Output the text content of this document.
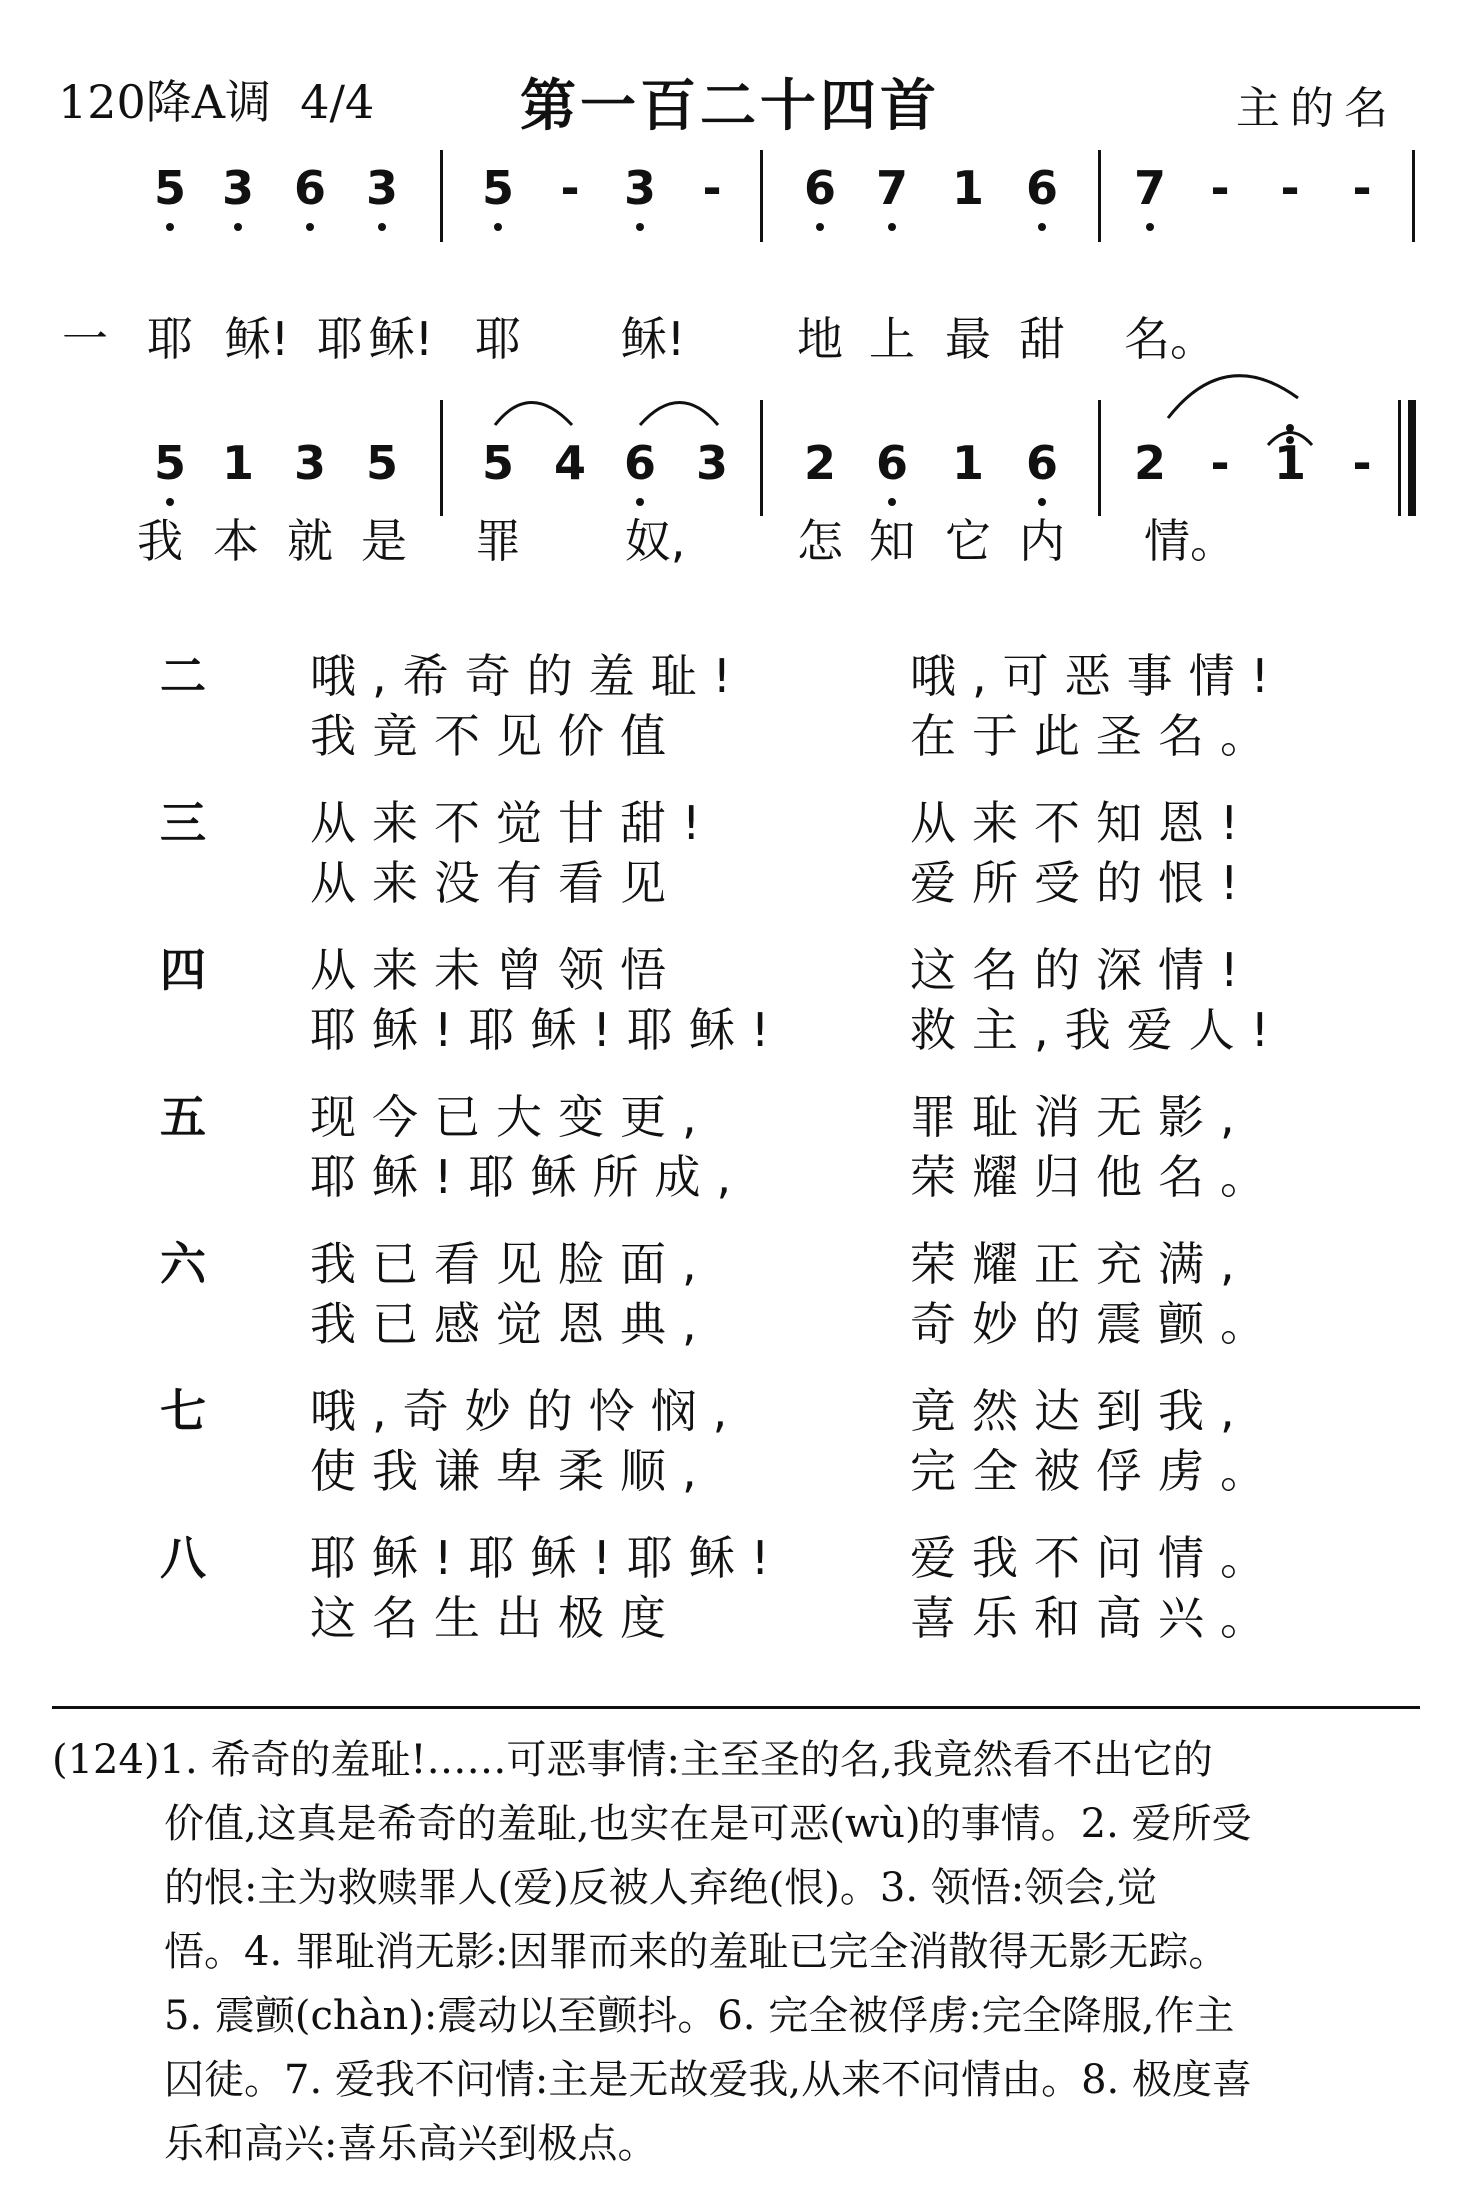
120降A调  4/4	第一百二十四首	主的名
5 3 6 3 5 - 3 - 6 7 1 6 7 - - -
一 耶 稣! 耶 稣! 耶 稣! 地 上 最 甜 名。
5 1 3 5 5 4 6 3 2 6 1 6 2 - 1 -
我 本 就 是 罪	奴,	怎 知 它 内 情。
二 哦,希奇的羞耻!	哦,可恶事情!
我竟不见价值	在于此圣名。
三 从来不觉甘甜!	从来不知恩!
从来没有看见	爱所受的恨!
四 从来未曾领悟	这名的深情!
耶稣!耶稣!耶稣!	救主,我爱人!
五 现今已大变更,	罪耻消无影,
耶稣!耶稣所成,	荣耀归他名。
六 我已看见脸面,	荣耀正充满,
我已感觉恩典,	奇妙的震颤。
七 哦,奇妙的怜悯,	竟然达到我,
使我谦卑柔顺,	完全被俘虏。
八 耶稣!耶稣!耶稣!	爱我不问情。
这名生出极度	喜乐和高兴。
(124)1. 希奇的羞耻!……可恶事情:主至圣的名,我竟然看不出它的
价值,这真是希奇的羞耻,也实在是可恶(wù)的事情。2. 爱所受
的恨:主为救赎罪人(爱)反被人弃绝(恨)。3. 领悟:领会,觉
悟。4. 罪耻消无影:因罪而来的羞耻已完全消散得无影无踪。
5. 震颤(chàn):震动以至颤抖。6. 完全被俘虏:完全降服,作主
囚徒。7. 爱我不问情:主是无故爱我,从来不问情由。8. 极度喜
乐和高兴:喜乐高兴到极点。
